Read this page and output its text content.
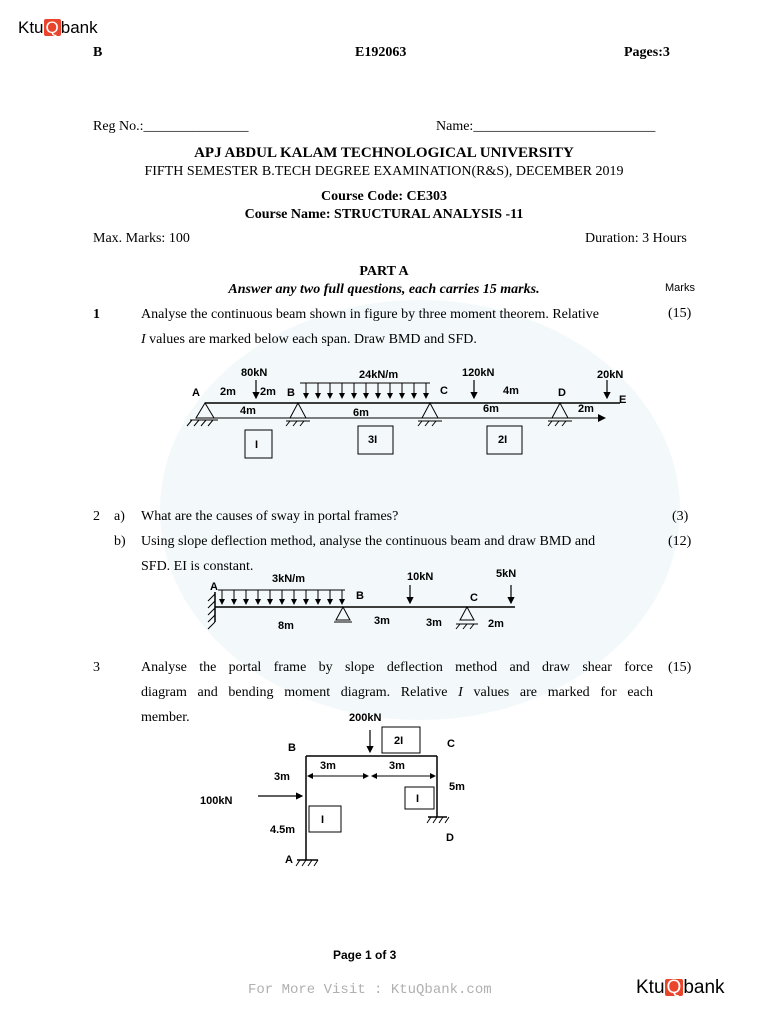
Ktu Q bank
B	E192063	Pages:3
Reg No.:_______________	Name:__________________________
APJ ABDUL KALAM TECHNOLOGICAL UNIVERSITY
FIFTH SEMESTER B.TECH DEGREE EXAMINATION(R&S), DECEMBER 2019
Course Code: CE303
Course Name: STRUCTURAL ANALYSIS -11
Max. Marks: 100	Duration: 3 Hours
PART A
Answer any two full questions, each carries 15 marks.	Marks
1	Analyse the continuous beam shown in figure by three moment theorem. Relative
I values are marked below each span. Draw BMD and SFD.
(15)
A	B	C	D
E
80kN	24kN/m	120kN	20kN
2m 2m	4m
2m
4m	6m	6m
I	3I	2I
2 a) What are the causes of sway in portal frames?	(3)
b) Using slope deflection method, analyse the continuous beam and draw BMD and
SFD. EI is constant.
(12)
A
B	C
3kN/m	10kN	5kN
8m	3m	3m	2m
3	Analyse the portal frame by slope deflection method and draw shear force
diagram and bending moment diagram. Relative I values are marked for each
member.
(15)
200kN
100kN
B	C
D
A
3m	3m
3m
4.5m
5m
2I
I
I
Page 1 of 3
For More Visit : KtuQbank.com	Ktu Q bank
